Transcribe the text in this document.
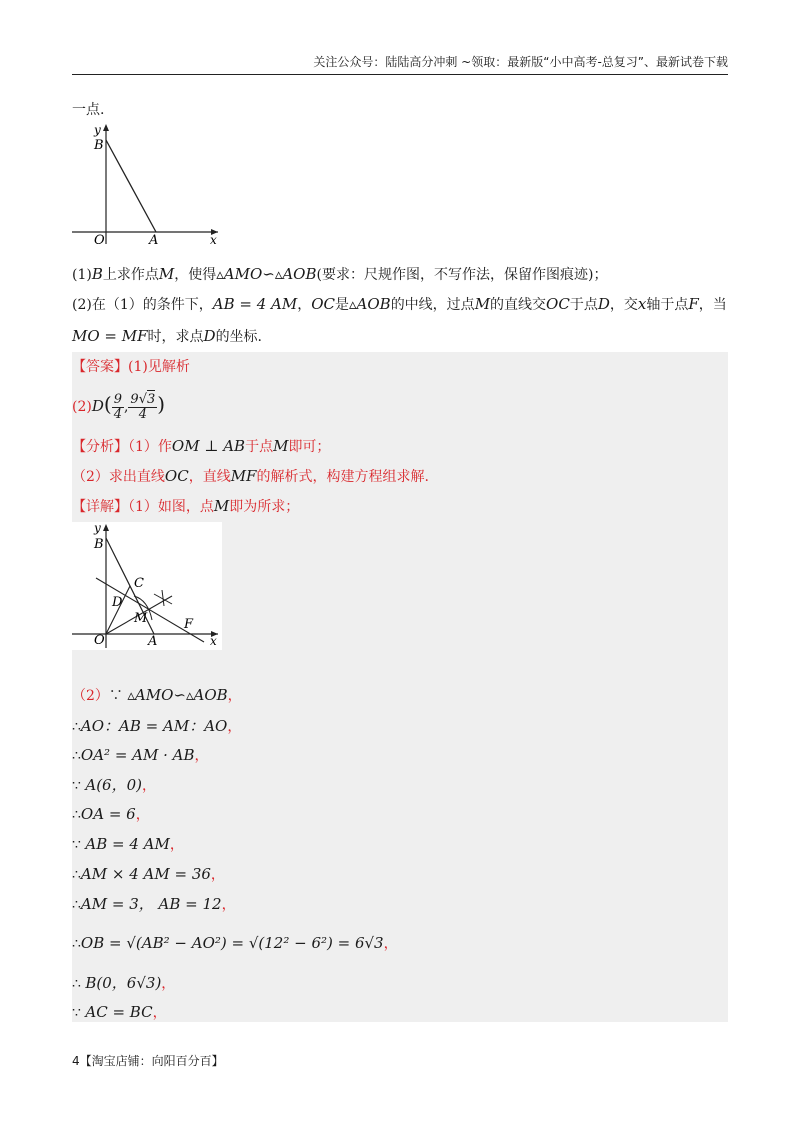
关注公众号：陆陆高分冲刺 ~领取：最新版“小中高考-总复习”、最新试卷下载
一点.
y
B
O	A	x
(1)B上求作点M，使得▵AMO∽▵AOB(要求：尺规作图，不写作法，保留作图痕迹)；
(2)在（1）的条件下，AB = 4 AM，OC是▵AOB的中线，过点M的直线交OC于点D，交x轴于点F，当
MO = MF时，求点D的坐标.
【答案】(1)见解析
$(2)D( \frac{9}{4}$ , $\frac{9√3}{4}$ )
【分析】（1）作OM ⊥ AB于点M即可；
（2）求出直线OC，直线MF的解析式，构建方程组求解.
【详解】（1）如图，点M即为所求；
y
B
C
D
M	F
O	A	x
（2）∵ ▵AMO∽▵AOB，
∴AO：AB = AM：AO，
∴OA² = AM · AB，
∵ A(6，0)，
∴OA = 6，
∵ AB = 4 AM，
∴AM × 4 AM = 36，
∴AM = 3， AB = 12，
∴OB = √(AB² − AO²) = √(12² − 6²) = 6√3，
∴ B(0，6√3)，
∵ AC = BC，
4【淘宝店铺：向阳百分百】
